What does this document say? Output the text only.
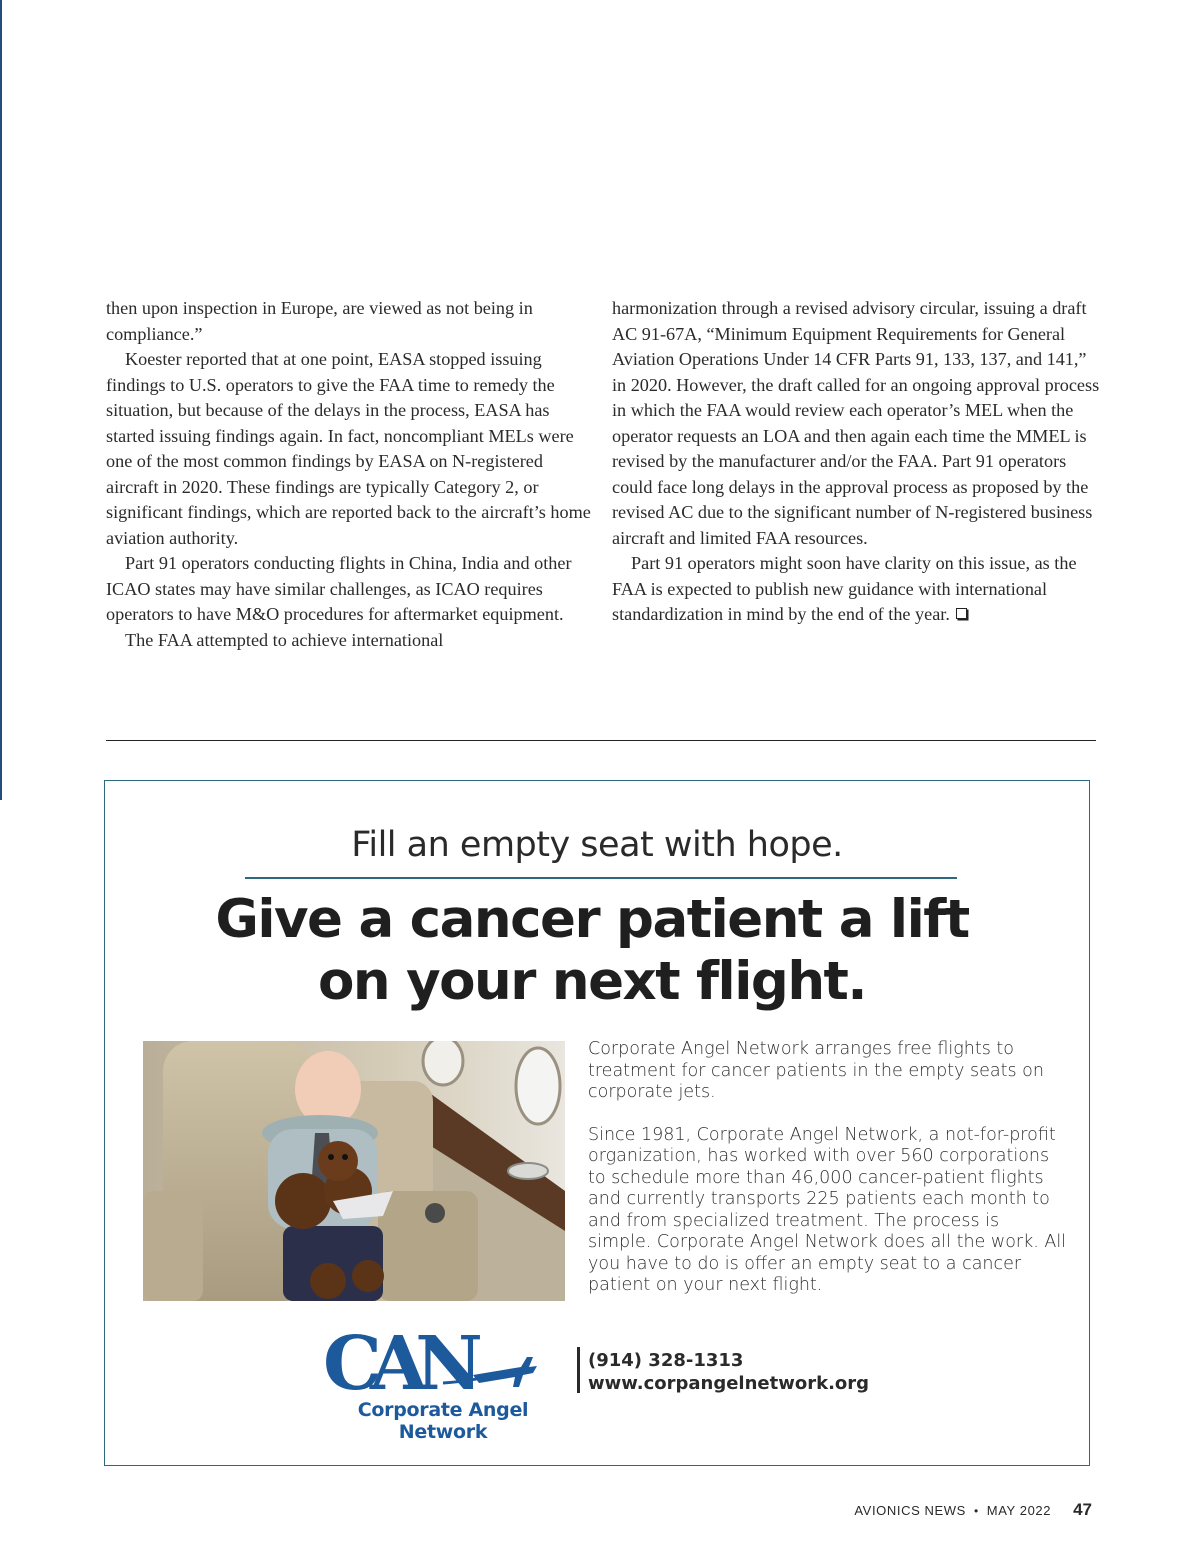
then upon inspection in Europe, are viewed as not being in compliance.”

Koester reported that at one point, EASA stopped issuing findings to U.S. operators to give the FAA time to remedy the situation, but because of the delays in the process, EASA has started issuing findings again. In fact, noncompliant MELs were one of the most common findings by EASA on N-registered aircraft in 2020. These findings are typically Category 2, or significant findings, which are reported back to the aircraft’s home aviation authority.

Part 91 operators conducting flights in China, India and other ICAO states may have similar challenges, as ICAO requires operators to have M&O procedures for aftermarket equipment.

The FAA attempted to achieve international

harmonization through a revised advisory circular, issuing a draft AC 91-67A, “Minimum Equipment Requirements for General Aviation Operations Under 14 CFR Parts 91, 133, 137, and 141,” in 2020. However, the draft called for an ongoing approval process in which the FAA would review each operator’s MEL when the operator requests an LOA and then again each time the MMEL is revised by the manufacturer and/or the FAA. Part 91 operators could face long delays in the approval process as proposed by the revised AC due to the significant number of N-registered business aircraft and limited FAA resources.

Part 91 operators might soon have clarity on this issue, as the FAA is expected to publish new guidance with international standardization in mind by the end of the year.

Fill an empty seat with hope.
Give a cancer patient a lift
on your next flight.

Corporate Angel Network arranges free flights to treatment for cancer patients in the empty seats on corporate jets.

Since 1981, Corporate Angel Network, a not-for-profit organization, has worked with over 560 corporations to schedule more than 46,000 cancer-patient flights and currently transports 225 patients each month to and from specialized treatment. The process is simple. Corporate Angel Network does all the work. All you have to do is offer an empty seat to a cancer patient on your next flight.

CAN
Corporate Angel Network
(914) 328-1313
www.corpangelnetwork.org
AVIONICS NEWS • MAY 2022 47
